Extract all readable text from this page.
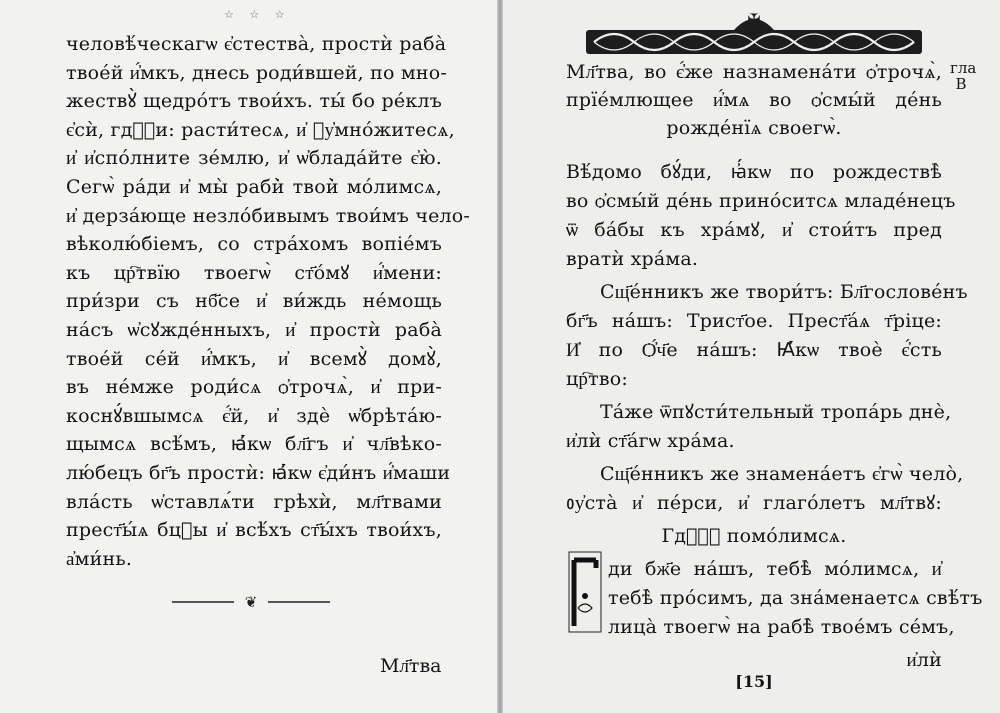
☆ ☆ ☆
человѣ́ческагѡ є҆стества̀, простѝ раба̀
твое́й и҆́мкъ, днесь роди́вшей, по мно-
жествꙋ̀ щедро́тъ твои́хъ. ты́ бо ре́клъ
є҆сѝ, гдⷭ҇и: расти́тесѧ, и҆ ᲂу҆мно́житесѧ,
и҆ и҆спо́лните зе́млю, и҆ ѡ҆блада́йте є҆ю̀.
Сегѡ̀ ра́ди и҆ мы̀ раби̇̀ твои̇̀ мо́лимсѧ,
и҆ дерза́юще незло́бивымъ твои́мъ чело-
вѣколю́біемъ, со стра́хомъ вопіе́мъ
къ цр҇твїю твоегѡ̀ ст҃о́мꙋ и҆́мени:
при́зри съ нб҃се и҆ ви́ждь не́мощь
на́съ ѡ҆сꙋжде́нныхъ, и҆ простѝ раба̀
твое́й се́й и҆́мкъ, и҆ всемꙋ̀ домꙋ̀,
въ не́мже роди́сѧ ѻ҆трочѧ̀, и҆ при-
коснꙋ́вшымсѧ є҆́й, и҆ здѐ ѡ҆брѣта́ю-
щымсѧ всѣ́мъ, ꙗ҆́кѡ бл҃гъ и҆ чл҃вѣко-
лю́бецъ бг҃ъ простѝ: ꙗ҆́кѡ є҆ди́нъ и҆́маши
вла́сть ѡ҆ставлѧ́ти грѣхѝ, мл҃твами
прест҃ы́ѧ бцⷣы и҆ всѣ́хъ ст҃ы́хъ твои́хъ,
а҆ми́нь.
❦
Мл҃тва
✠
гла В
Мл҃тва, во є҆́же назнамена́ти ѻ҆трочѧ̀,
прїе́млющее и҆́мѧ во ѻ҆смы́й де́нь
рожде́нїѧ своегѡ̀.
Вѣ́домо бꙋ́ди, ꙗ҆́кѡ по рождествѣ̀
во ѻ҆смы́й де́нь прино́ситсѧ младе́нецъ
ѿ ба́бы къ хра́мꙋ, и҆ стои́тъ пред
вратѝ хра́ма.
Сщ҃е́нникъ же твори́тъ: Бл҃гослове́нъ
бг҃ъ на́шъ: Трист҃ое. Прест҃а́ѧ т҃ріце:
И҆ по Ѻ҆́ч҃е на́шъ: Ꙗ҆́кѡ твоѐ є҆́сть
цр҇тво:
Та́же ѿпꙋсти́тельный тропа́рь днѐ,
и҆лѝ ст҃а́гѡ хра́ма.
Сщ҃е́нникъ же знамена́етъ є҆гѡ̀ чело̀,
ᲂу҆ста̀ и҆ пе́рси, и҆ глаго́летъ мл҃твꙋ:
Гдⷭ҇ꙋ помо́лимсѧ.
ди бж҃е на́шъ, тебѣ̀ мо́лимсѧ, и҆
тебѣ̀ про́симъ, да зна́менаетсѧ свѣ́тъ
лица̀ твоегѡ̀ на рабѣ̀ твое́мъ се́мъ,
и҆лѝ
[15]
